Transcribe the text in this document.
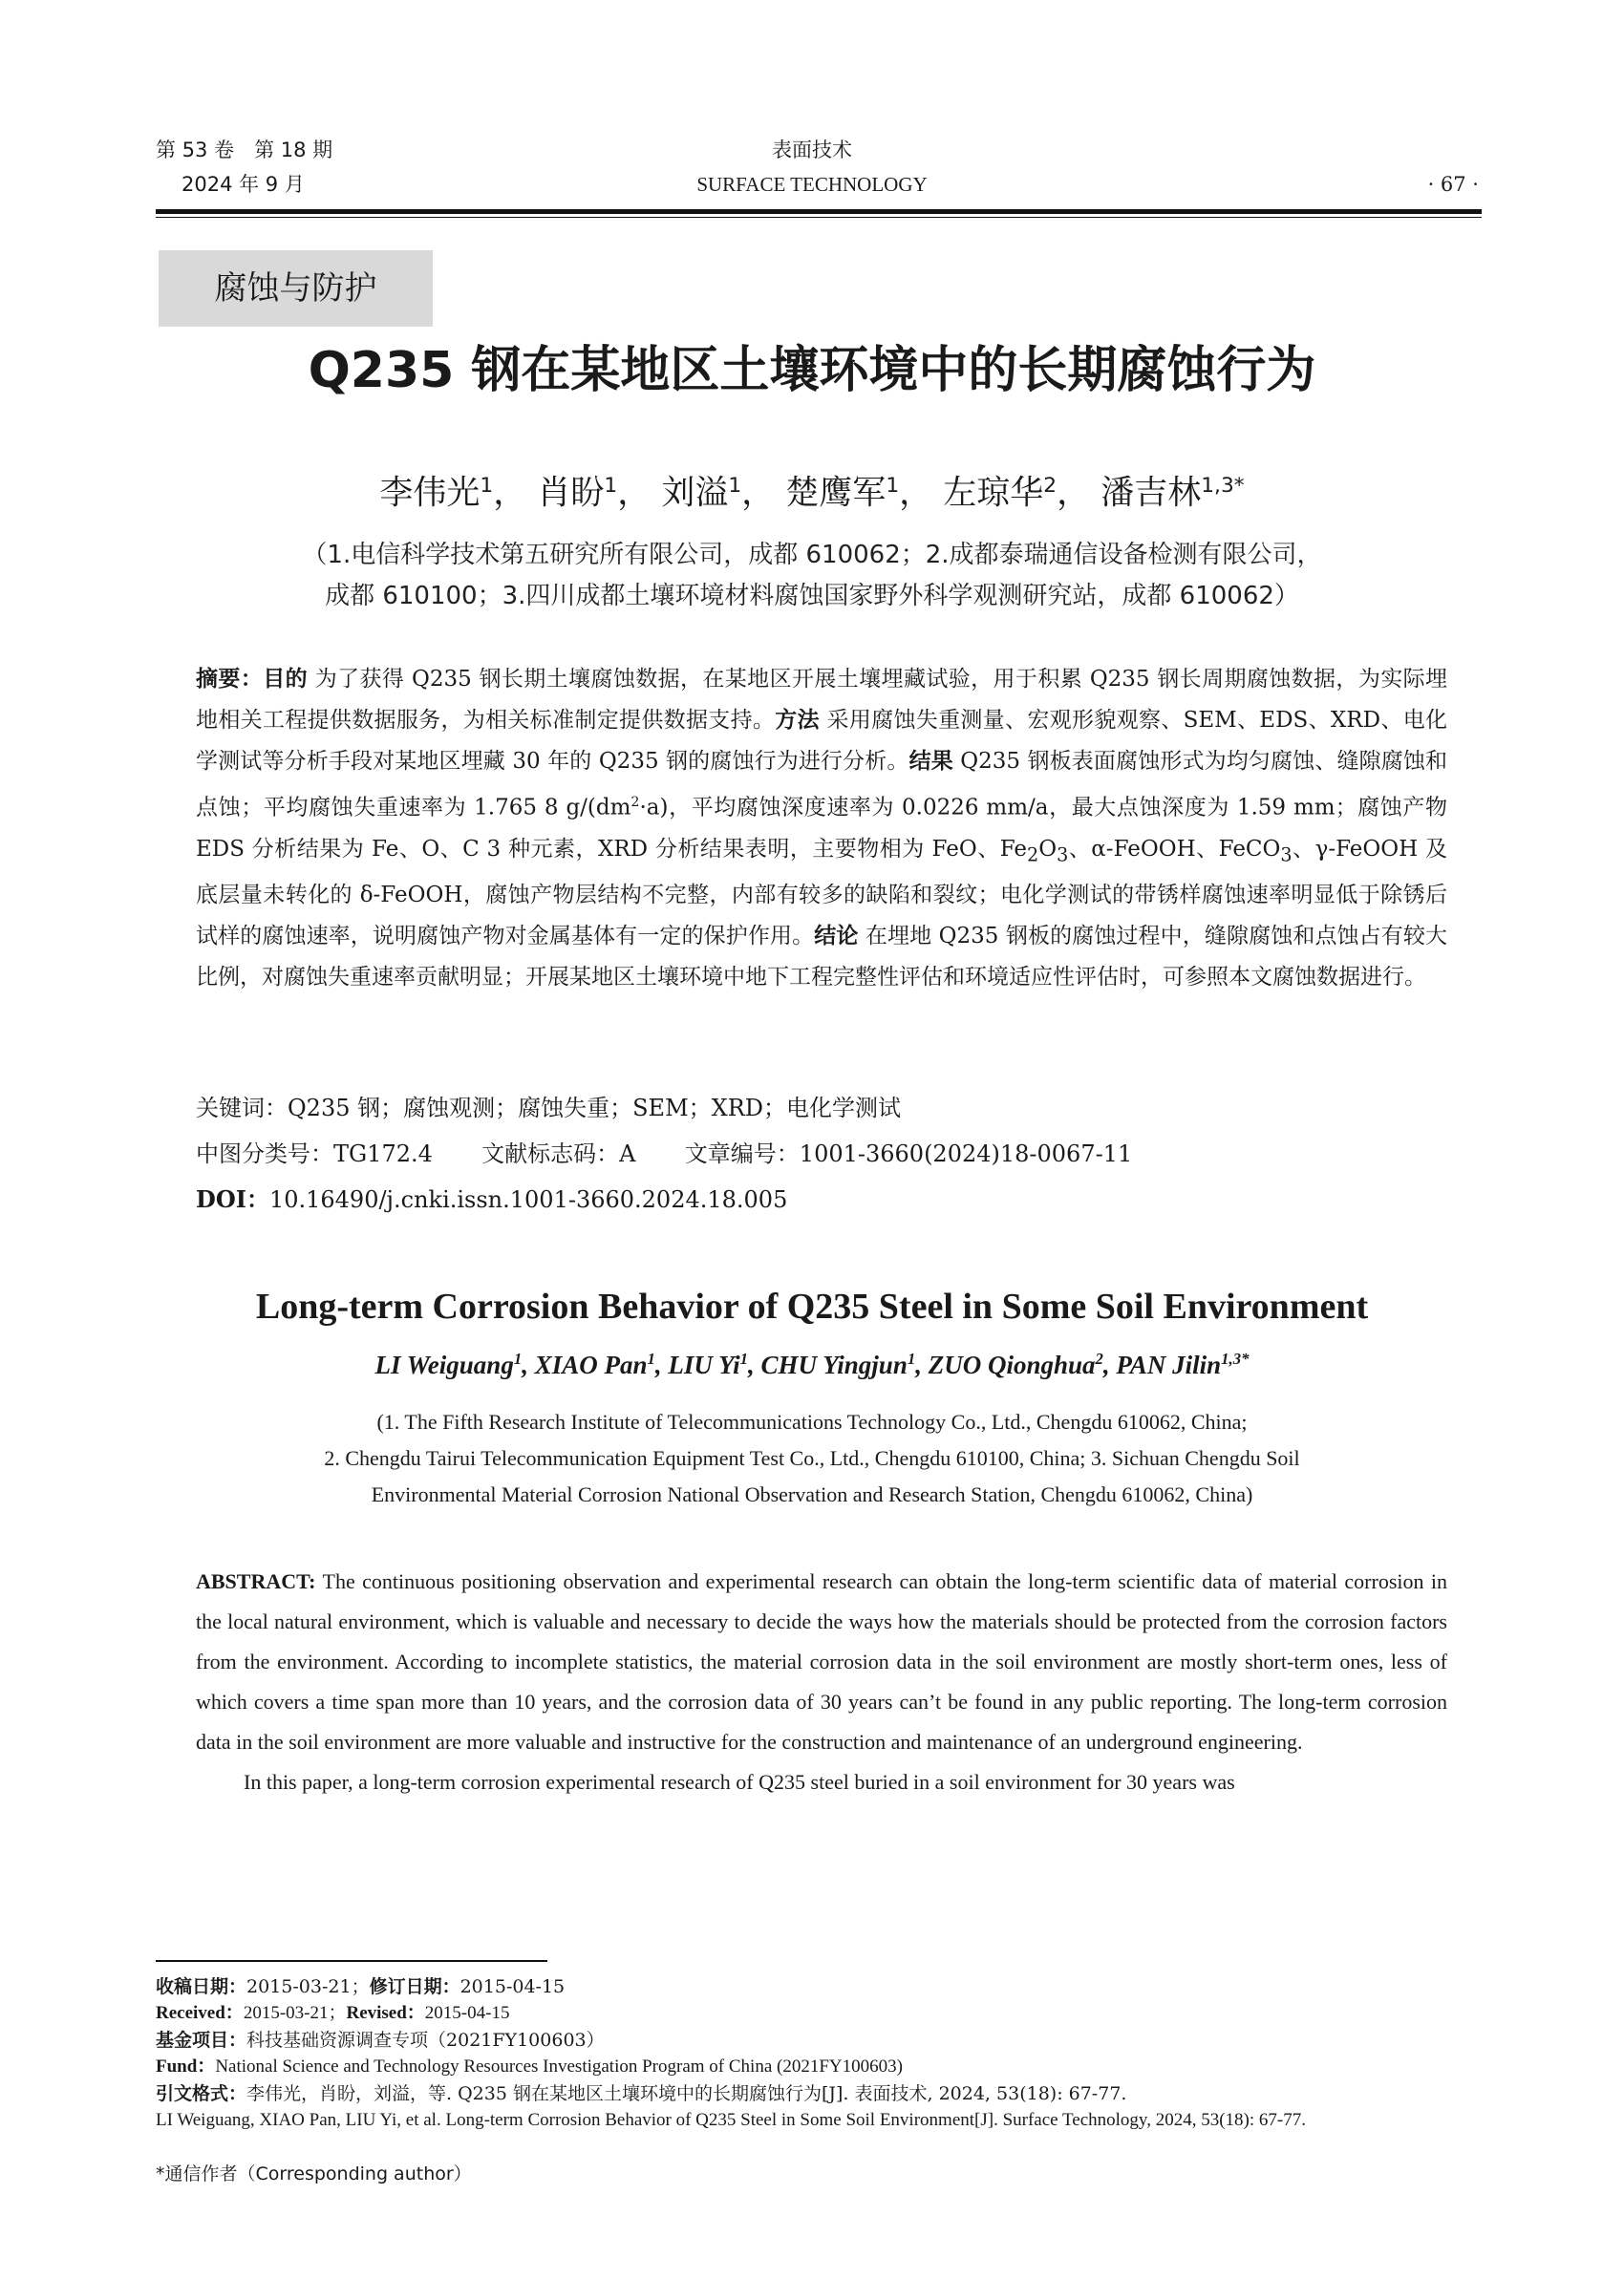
第 53 卷　第 18 期
2024 年 9 月
表面技术
SURFACE TECHNOLOGY	· 67 ·
腐蚀与防护
Q235 钢在某地区土壤环境中的长期腐蚀行为
李伟光$^1$， 肖盼$^1$， 刘溢$^1$， 楚鹰军$^1$， 左琼华$^2$， 潘吉林$^{1,3*}$
（1.电信科学技术第五研究所有限公司，成都 610062；2.成都泰瑞通信设备检测有限公司，
成都 610100；3.四川成都土壤环境材料腐蚀国家野外科学观测研究站，成都 610062）
摘要：目的 为了获得 Q235 钢长期土壤腐蚀数据，在某地区开展土壤埋藏试验，用于积累 Q235 钢长周期腐蚀数据，为实际埋地相关工程提供数据服务，为相关标准制定提供数据支持。方法 采用腐蚀失重测量、宏观形貌观察、SEM、EDS、XRD、电化学测试等分析手段对某地区埋藏 30 年的 Q235 钢的腐蚀行为进行分析。结果 Q235 钢板表面腐蚀形式为均匀腐蚀、缝隙腐蚀和点蚀；平均腐蚀失重速率为 1.765 8 $g/(dm^2\cdot a)$，平均腐蚀深度速率为 0.0226 mm/a，最大点蚀深度为 1.59 mm；腐蚀产物 EDS 分析结果为 Fe、O、C 3 种元素，XRD 分析结果表明，主要物相为 FeO、$Fe_2O_3$、α-FeOOH、FeCO$_3$、γ-FeOOH 及底层量未转化的 δ-FeOOH，腐蚀产物层结构不完整，内部有较多的缺陷和裂纹；电化学测试的带锈样腐蚀速率明显低于除锈后试样的腐蚀速率，说明腐蚀产物对金属基体有一定的保护作用。结论 在埋地 Q235 钢板的腐蚀过程中，缝隙腐蚀和点蚀占有较大比例，对腐蚀失重速率贡献明显；开展某地区土壤环境中地下工程完整性评估和环境适应性评估时，可参照本文腐蚀数据进行。
关键词：Q235 钢；腐蚀观测；腐蚀失重；SEM；XRD；电化学测试
中图分类号：TG172.4 文献标志码：A 文章编号：1001-3660(2024)18-0067-11
DOI：10.16490/j.cnki.issn.1001-3660.2024.18.005
Long-term Corrosion Behavior of Q235 Steel in Some Soil Environment
LI Weiguang$^1$, XIAO Pan$^1$, LIU Yi$^1$, CHU Yingjun$^1$, ZUO Qionghua$^2$, PAN Jilin$^{1,3*}$
(1. The Fifth Research Institute of Telecommunications Technology Co., Ltd., Chengdu 610062, China;
2. Chengdu Tairui Telecommunication Equipment Test Co., Ltd., Chengdu 610100, China; 3. Sichuan Chengdu Soil
Environmental Material Corrosion National Observation and Research Station, Chengdu 610062, China)

ABSTRACT: The continuous positioning observation and experimental research can obtain the long-term scientific data of material corrosion in the local natural environment, which is valuable and necessary to decide the ways how the materials should be protected from the corrosion factors from the environment. According to incomplete statistics, the material corrosion data in the soil environment are mostly short-term ones, less of which covers a time span more than 10 years, and the corrosion data of 30 years can’t be found in any public reporting. The long-term corrosion data in the soil environment are more valuable and instructive for the construction and maintenance of an underground engineering.

In this paper, a long-term corrosion experimental research of Q235 steel buried in a soil environment for 30 years was

收稿日期：2015-03-21；修订日期：2015-04-15
Received：2015-03-21；Revised：2015-04-15
基金项目：科技基础资源调查专项（2021FY100603）
Fund：National Science and Technology Resources Investigation Program of China (2021FY100603)
引文格式：李伟光，肖盼，刘溢，等. Q235 钢在某地区土壤环境中的长期腐蚀行为[J]. 表面技术, 2024, 53(18): 67-77.
LI Weiguang, XIAO Pan, LIU Yi, et al. Long-term Corrosion Behavior of Q235 Steel in Some Soil Environment[J]. Surface Technology, 2024, 53(18): 67-77.
*通信作者（Corresponding author）
